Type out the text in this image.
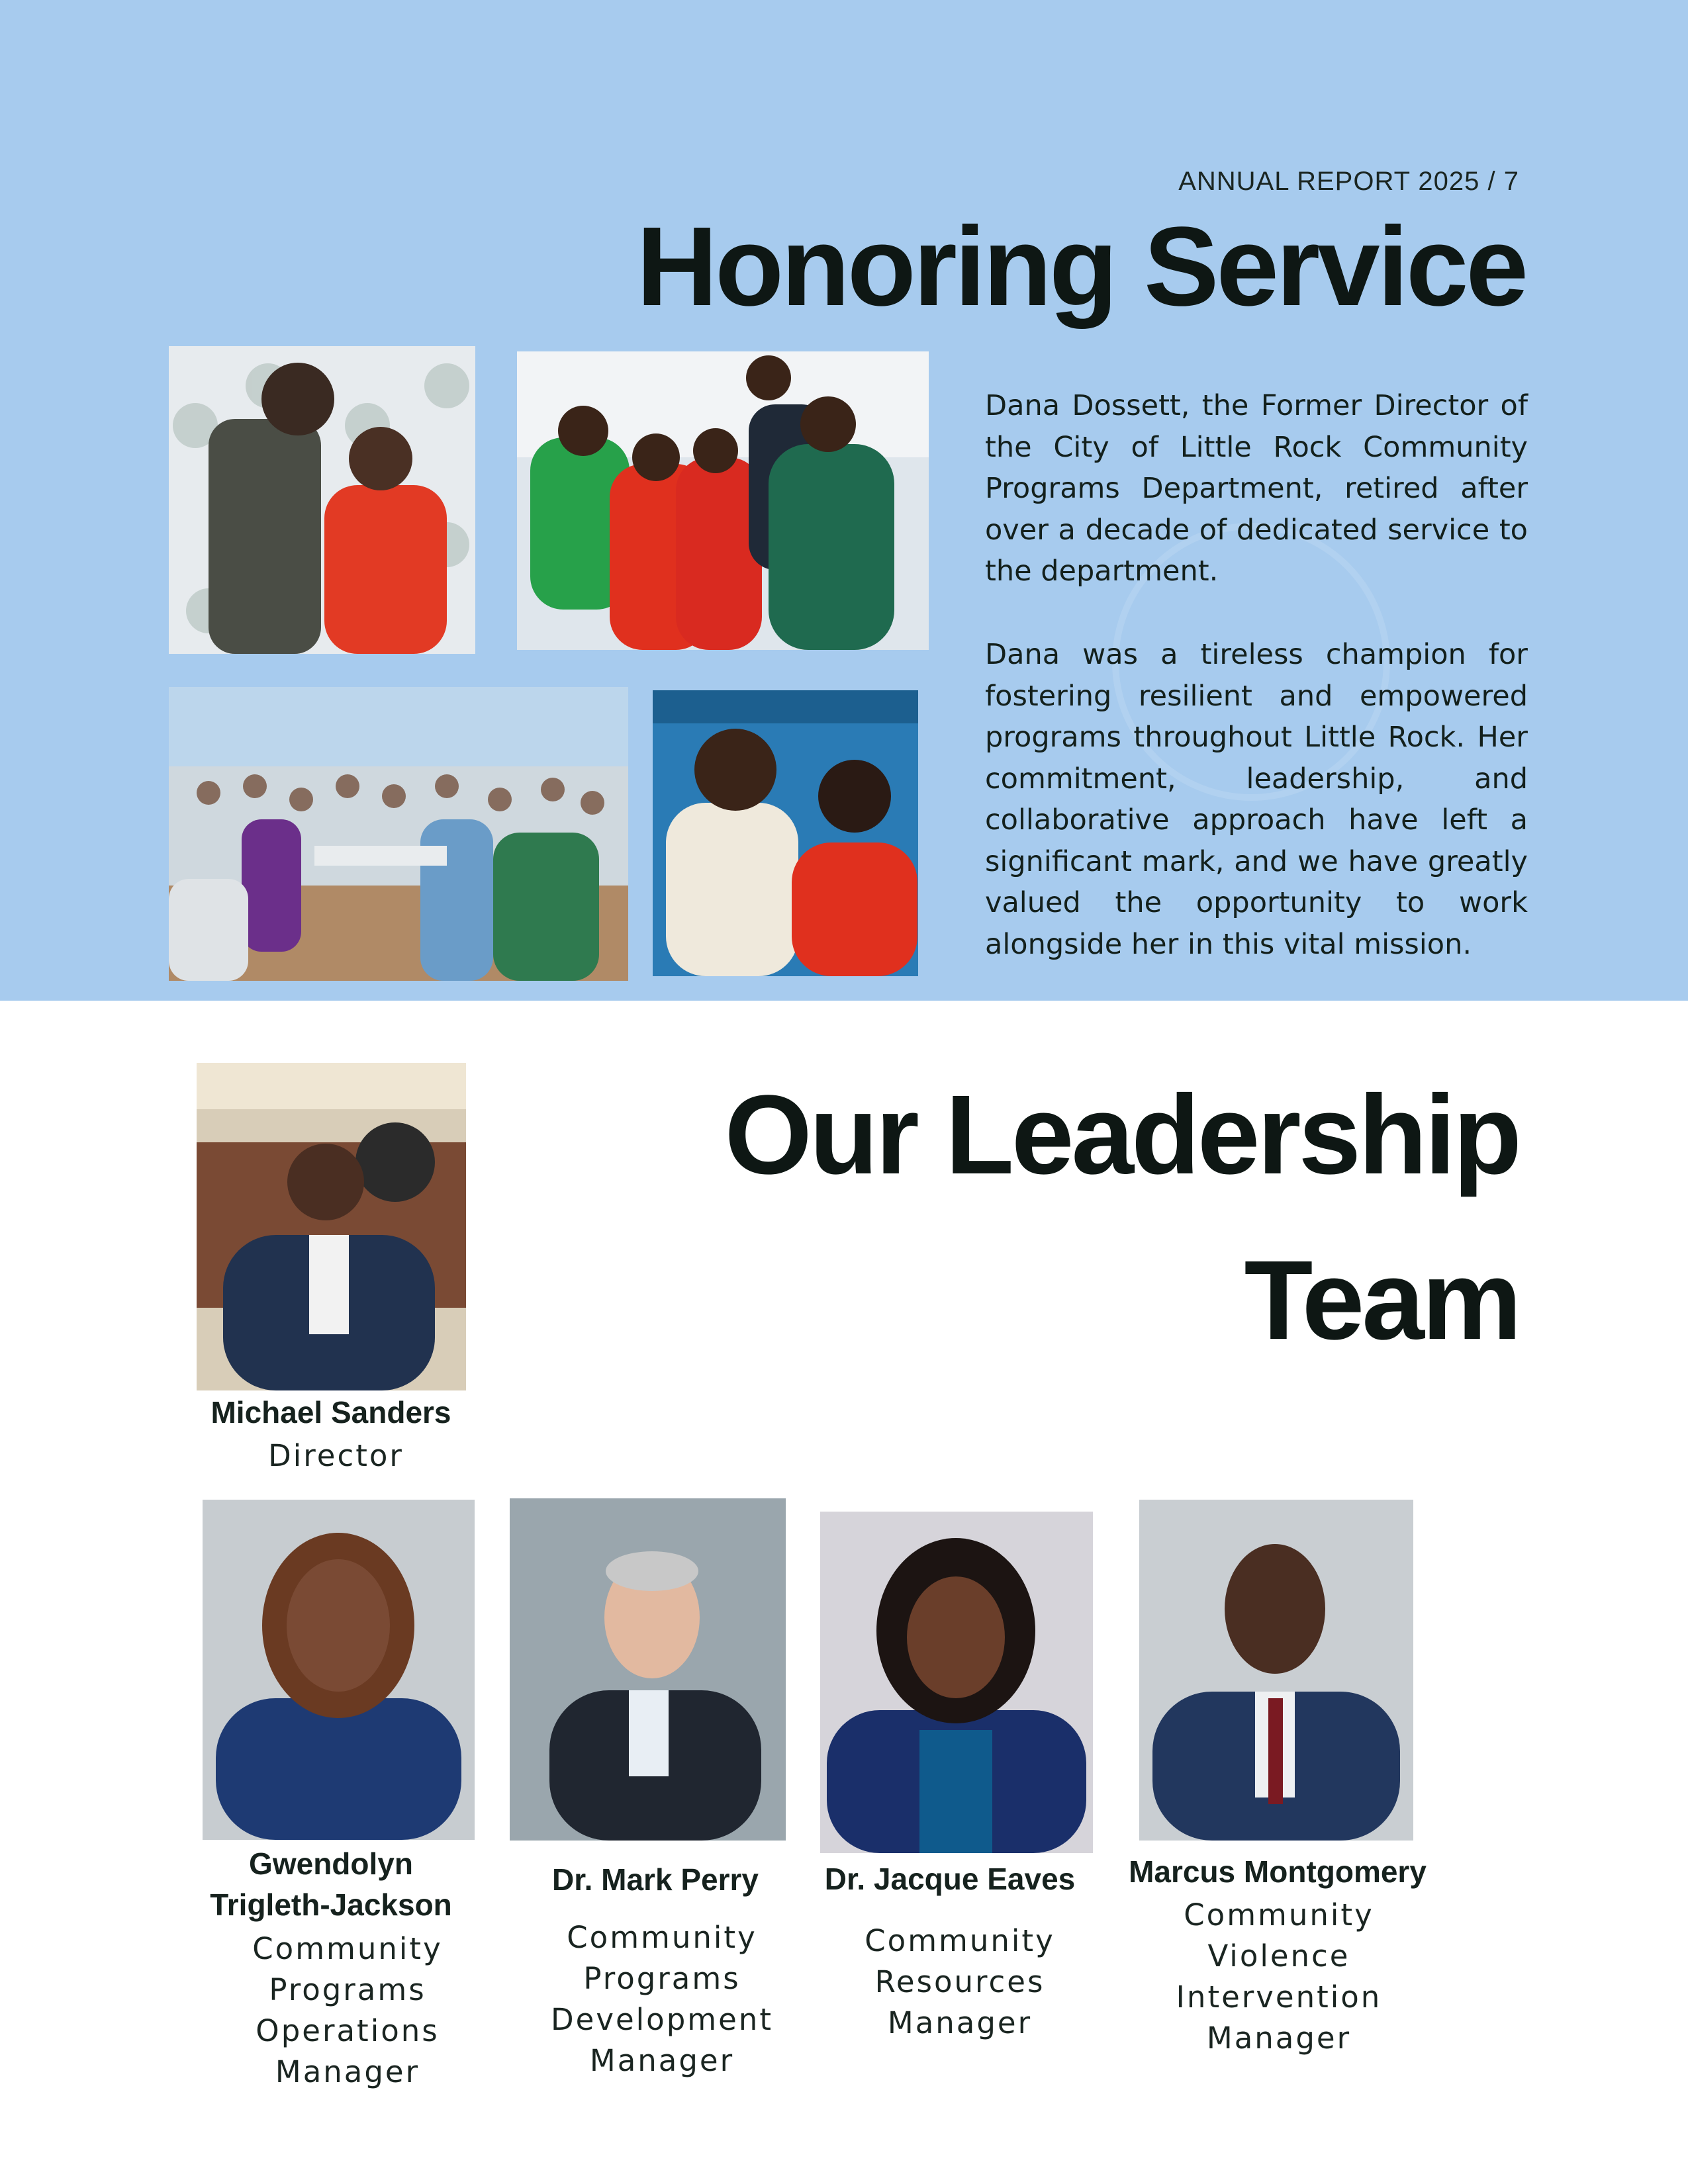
ANNUAL REPORT 2025 / 7
Honoring Service

Dana Dossett, the Former Director of the City of Little Rock Community Programs Department, retired after over a decade of dedicated service to the department.

Dana was a tireless champion for fostering resilient and empowered programs throughout Little Rock. Her commitment, leadership, and collaborative approach have left a significant mark, and we have greatly valued the opportunity to work alongside her in this vital mission.

Our Leadership
Team

Michael Sanders

Director

Gwendolyn
Trigleth-Jackson

Community
Programs
Operations
Manager

Dr. Mark Perry

Community
Programs
Development
Manager

Dr. Jacque Eaves

Community
Resources
Manager

Marcus Montgomery

Community
Violence
Intervention
Manager
